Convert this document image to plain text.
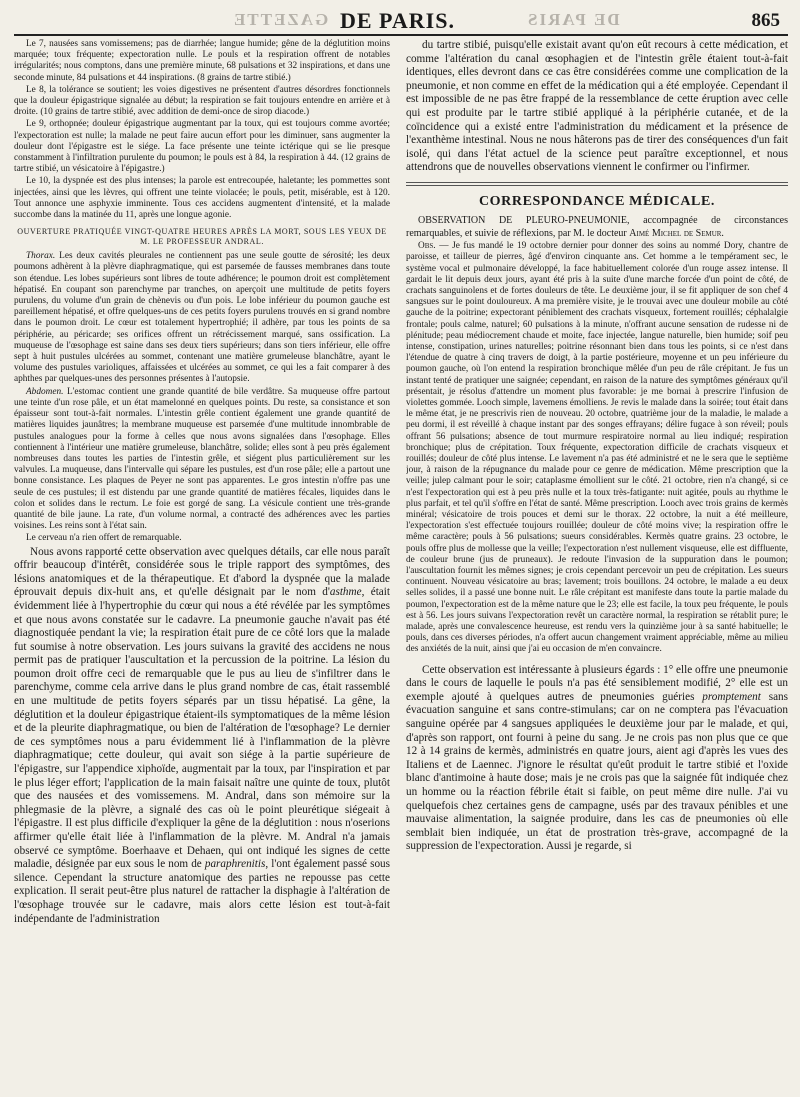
GAZETTE DE PARIS.	DE PARIS	865

Le 7, nausées sans vomissemens; pas de diarrhée; langue humide; gêne de la déglutition moins marquée; toux fréquente; expectoration nulle. Le pouls et la respiration offrent de notables irrégularités; nous comptons, dans une première minute, 68 pulsations et 32 inspirations, et dans une seconde minute, 84 pulsations et 44 inspirations. (8 grains de tartre stibié.)

Le 8, la tolérance se soutient; les voies digestives ne présentent d'autres désordres fonctionnels que la douleur épigastrique signalée au début; la respiration se fait toujours entendre en arrière et à droite. (10 grains de tartre stibié, avec addition de demi-once de sirop diacode.)

Le 9, orthopnée; douleur épigastrique augmentant par la toux, qui est toujours comme avortée; l'expectoration est nulle; la malade ne peut faire aucun effort pour les diminuer, sans augmenter la douleur dont l'épigastre est le siége. La face présente une teinte ictérique qui se lie presque constamment à l'infiltration purulente du poumon; le pouls est à 84, la respiration à 44. (12 grains de tartre stibié, un vésicatoire à l'épigastre.)

Le 10, la dyspnée est des plus intenses; la parole est entrecoupée, haletante; les pommettes sont injectées, ainsi que les lèvres, qui offrent une teinte violacée; le pouls, petit, misérable, est à 120. Tout annonce une asphyxie imminente. Tous ces accidens augmentent d'intensité, et la malade succombe dans la matinée du 11, après une longue agonie.

OUVERTURE PRATIQUÉE VINGT-QUATRE HEURES APRÈS LA MORT, SOUS LES YEUX DE M. LE PROFESSEUR ANDRAL.

Thorax. Les deux cavités pleurales ne contiennent pas une seule goutte de sérosité; les deux poumons adhèrent à la plèvre diaphragmatique, qui est parsemée de fausses membranes dans toute son étendue. Les lobes supérieurs sont libres de toute adhérence; le poumon droit est complètement hépatisé. En coupant son parenchyme par tranches, on aperçoit une multitude de petits foyers purulens, du volume d'un grain de chènevis ou d'un pois. Le lobe inférieur du poumon gauche est pareillement hépatisé, et offre quelques-uns de ces petits foyers purulens trouvés en si grand nombre dans le poumon droit. Le cœur est totalement hypertrophié; il adhère, par tous les points de sa périphérie, au péricarde; ses orifices offrent un rétrécissement marqué, sans ossification. La muqueuse de l'œsophage est saine dans ses deux tiers supérieurs; dans son tiers inférieur, elle offre sept à huit pustules ulcérées au sommet, contenant une matière grumeleuse blanchâtre, ayant le volume des pustules varioliques, affaissées et ulcérées au sommet, ce qui les a fait comparer à des aphthes par quelques-unes des personnes présentes à l'autopsie.

Abdomen. L'estomac contient une grande quantité de bile verdâtre. Sa muqueuse offre partout une teinte d'un rose pâle, et un état mamelonné en quelques points. Du reste, sa consistance et son épaisseur sont tout-à-fait normales. L'intestin grêle contient également une grande quantité de matières liquides jaunâtres; la membrane muqueuse est parsemée d'une multitude innombrable de pustules analogues pour la forme à celles que nous avons signalées dans l'œsophage. Elles contiennent à l'intérieur une matière grumeleuse, blanchâtre, solide; elles sont à peu près également nombreuses dans toutes les parties de l'intestin grêle, et siégent plus particulièrement sur les valvules. La muqueuse, dans l'intervalle qui sépare les pustules, est d'un rose pâle; elle a partout une bonne consistance. Les plaques de Peyer ne sont pas apparentes. Le gros intestin n'offre pas une seule de ces pustules; il est distendu par une grande quantité de matières fécales, liquides dans le colon et solides dans le rectum. Le foie est gorgé de sang. La vésicule contient une très-grande quantité de bile jaune. La rate, d'un volume normal, a contracté des adhérences avec les parties voisines. Les reins sont à l'état sain.

Le cerveau n'a rien offert de remarquable.

Nous avons rapporté cette observation avec quelques détails, car elle nous paraît offrir beaucoup d'intérêt, considérée sous le triple rapport des symptômes, des lésions anatomiques et de la thérapeutique. Et d'abord la dyspnée que la malade éprouvait depuis dix-huit ans, et qu'elle désignait par le nom d'asthme, était évidemment liée à l'hypertrophie du cœur qui nous a été révélée par les symptômes et que nous avons constatée sur le cadavre. La pneumonie gauche n'avait pas été diagnostiquée pendant la vie; la respiration était pure de ce côté lors que la malade fut soumise à notre observation. Les jours suivans la gravité des accidens ne nous permit pas de pratiquer l'auscultation et la percussion de la poitrine. La lésion du poumon droit offre ceci de remarquable que le pus au lieu de s'infiltrer dans le parenchyme, comme cela arrive dans le plus grand nombre de cas, était rassemblé en une multitude de petits foyers séparés par un tissu hépatisé. La gêne, la déglutition et la douleur épigastrique étaient-ils symptomatiques de la même lésion et de la pleurite diaphragmatique, ou bien de l'altération de l'œsophage? Le dernier de ces symptômes nous a paru évidemment lié à l'inflammation de la plèvre diaphragmatique; cette douleur, qui avait son siége à la partie supérieure de l'épigastre, sur l'appendice xiphoïde, augmentait par la toux, par l'inspiration et par le plus léger effort; l'application de la main faisait naître une quinte de toux, plutôt que des nausées et des vomissemens. M. Andral, dans son mémoire sur la phlegmasie de la plèvre, a signalé des cas où le point pleurétique siégeait à l'épigastre. Il est plus difficile d'expliquer la gêne de la déglutition : nous n'oserions affirmer qu'elle était liée à l'inflammation de la plèvre. M. Andral n'a jamais observé ce symptôme. Boerhaave et Dehaen, qui ont indiqué les signes de cette maladie, désignée par eux sous le nom de paraphrenitis, l'ont également passé sous silence. Cependant la structure anatomique des parties ne repousse pas cette explication. Il serait peut-être plus naturel de rattacher la disphagie à l'altération de l'œsophage trouvée sur le cadavre, mais alors cette lésion est tout-à-fait indépendante de l'administration

du tartre stibié, puisqu'elle existait avant qu'on eût recours à cette médication, et comme l'altération du canal œsophagien et de l'intestin grêle étaient tout-à-fait identiques, elles devront dans ce cas être considérées comme une complication de la pneumonie, et non comme en effet de la médication qui a été employée. Cependant il est impossible de ne pas être frappé de la ressemblance de cette éruption avec celle qui est produite par le tartre stibié appliqué à la périphérie cutanée, et de la coïncidence qui a existé entre l'administration du médicament et la présence de l'exanthème intestinal. Nous ne nous hâterons pas de tirer des conséquences d'un fait isolé, qui dans l'état actuel de la science peut paraître exceptionnel, et nous attendrons que de nouvelles observations viennent le confirmer ou l'infirmer.

CORRESPONDANCE MÉDICALE.

OBSERVATION DE PLEURO-PNEUMONIE, accompagnée de circonstances remarquables, et suivie de réflexions, par M. le docteur Aimé Michel de Semur.

Obs. — Je fus mandé le 19 octobre dernier pour donner des soins au nommé Dory, chantre de paroisse, et tailleur de pierres, âgé d'environ cinquante ans. Cet homme a le tempérament sec, le système vocal et pulmonaire développé, la face habituellement colorée d'un rouge assez intense. Il gardait le lit depuis deux jours, ayant été pris à la suite d'une marche forcée d'un point de côté, de crachats sanguinolens et de fortes douleurs de tête. Le deuxième jour, il se fit appliquer de son chef 4 sangsues sur le point douloureux. A ma première visite, je le trouvai avec une douleur mobile au côté gauche de la poitrine; expectorant péniblement des crachats visqueux, fortement rouillés; céphalalgie frontale; pouls calme, naturel; 60 pulsations à la minute, n'offrant aucune sensation de rudesse ni de plénitude; peau médiocrement chaude et moite, face injectée, langue naturelle, bien humide; soif peu intense, constipation, urines naturelles; poitrine résonnant bien dans tous les points, si ce n'est dans l'étendue de quatre à cinq travers de doigt, à la partie postérieure, moyenne et un peu inférieure du poumon gauche, où l'on entend la respiration bronchique mêlée d'un peu de râle crépitant. Je fus un instant tenté de pratiquer une saignée; cependant, en raison de la nature des symptômes généraux qu'il présentait, je résolus d'attendre un moment plus favorable: je me bornai à prescrire l'infusion de violettes gommée. Looch simple, lavemens émolliens. Je revis le malade dans la soirée; tout était dans le même état, je ne prescrivis rien de nouveau. 20 octobre, quatrième jour de la maladie, le malade a peu dormi, il est réveillé à chaque instant par des songes effrayans; délire fugace à son réveil; pouls offrant 56 pulsations; absence de tout murmure respiratoire normal au lieu indiqué; respiration bronchique; plus de crépitation. Toux fréquente, expectoration difficile de crachats visqueux et rouillés; douleur de côté plus intense. Le lavement n'a pas été administré et ne le sera que le septième jour, à raison de la répugnance du malade pour ce genre de médication. Même prescription que la veille; julep calmant pour le soir; cataplasme émollient sur le côté. 21 octobre, rien n'a changé, si ce n'est l'expectoration qui est à peu près nulle et la toux très-fatigante: nuit agitée, pouls au rhythme le plus parfait, et tel qu'il s'offre en l'état de santé. Même prescription. Looch avec trois grains de kermès minéral; vésicatoire de trois pouces et demi sur le thorax. 22 octobre, la nuit a été meilleure, l'expectoration s'est effectuée toujours rouillée; douleur de côté moins vive; la respiration offre le même caractère; pouls à 56 pulsations; sueurs considérables. Kermès quatre grains. 23 octobre, le pouls offre plus de mollesse que la veille; l'expectoration n'est nullement visqueuse, elle est diffluente, de couleur brune (jus de pruneaux). Je redoute l'invasion de la suppuration dans le poumon; l'auscultation fournit les mêmes signes; je crois cependant percevoir un peu de crépitation. Les sueurs continuent. Nouveau vésicatoire au bras; lavement; trois bouillons. 24 octobre, le malade a eu deux selles solides, il a passé une bonne nuit. Le râle crépitant est manifeste dans toute la partie malade du poumon, l'expectoration est de la même nature que le 23; elle est facile, la toux peu fréquente, le pouls est à 56. Les jours suivans l'expectoration revêt un caractère normal, la respiration se rétablit pure; le malade, après une convalescence heureuse, est rendu vers la quinzième jour à sa santé habituelle; le pouls, dans ces diverses périodes, n'a offert aucun changement vraiment appréciable, même au milieu des anxiétés de la nuit, ainsi que j'ai eu occasion de m'en convaincre.

Cette observation est intéressante à plusieurs égards : 1° elle offre une pneumonie dans le cours de laquelle le pouls n'a pas été sensiblement modifié, 2° elle est un exemple ajouté à quelques autres de pneumonies guéries promptement sans évacuation sanguine et sans contre-stimulans; car on ne comptera pas l'évacuation sanguine opérée par 4 sangsues appliquées le deuxième jour par le malade, et qui, d'après son rapport, ont fourni à peine du sang. Je ne crois pas non plus que ce que 12 à 14 grains de kermès, administrés en quatre jours, aient agi d'après les vues des Italiens et de Laennec. J'ignore le résultat qu'eût produit le tartre stibié et l'oxide blanc d'antimoine à haute dose; mais je ne crois pas que la saignée fût indiquée chez un homme ou la réaction fébrile était si faible, on peut même dire nulle. J'ai vu quelquefois chez certaines gens de campagne, usés par des travaux pénibles et une mauvaise alimentation, la saignée produire, dans les cas de pneumonies où elle semblait bien indiquée, un état de prostration très-grave, accompagné de la suppression de l'expectoration. Aussi je regarde, si
